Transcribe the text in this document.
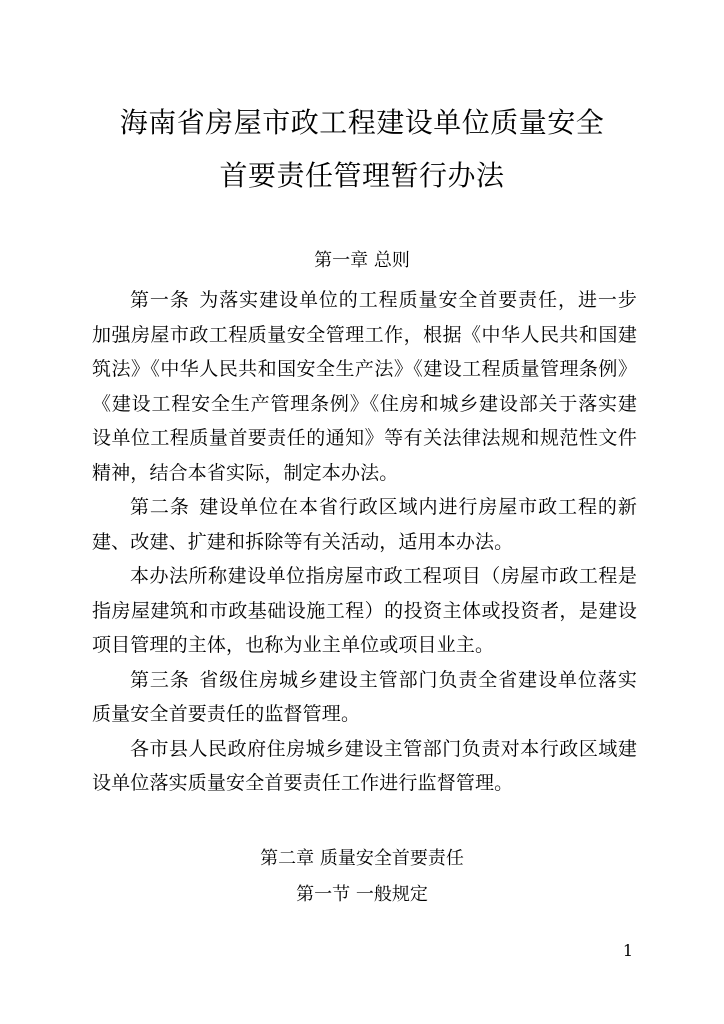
海南省房屋市政工程建设单位质量安全
首要责任管理暂行办法
第一章 总则

第一条 为落实建设单位的工程质量安全首要责任，进一步加强房屋市政工程质量安全管理工作，根据《中华人民共和国建筑法》《中华人民共和国安全生产法》《建设工程质量管理条例》《建设工程安全生产管理条例》《住房和城乡建设部关于落实建设单位工程质量首要责任的通知》等有关法律法规和规范性文件精神，结合本省实际，制定本办法。

第二条 建设单位在本省行政区域内进行房屋市政工程的新建、改建、扩建和拆除等有关活动，适用本办法。

本办法所称建设单位指房屋市政工程项目（房屋市政工程是指房屋建筑和市政基础设施工程）的投资主体或投资者，是建设项目管理的主体，也称为业主单位或项目业主。

第三条 省级住房城乡建设主管部门负责全省建设单位落实质量安全首要责任的监督管理。

各市县人民政府住房城乡建设主管部门负责对本行政区域建设单位落实质量安全首要责任工作进行监督管理。

第二章 质量安全首要责任
第一节 一般规定
1
